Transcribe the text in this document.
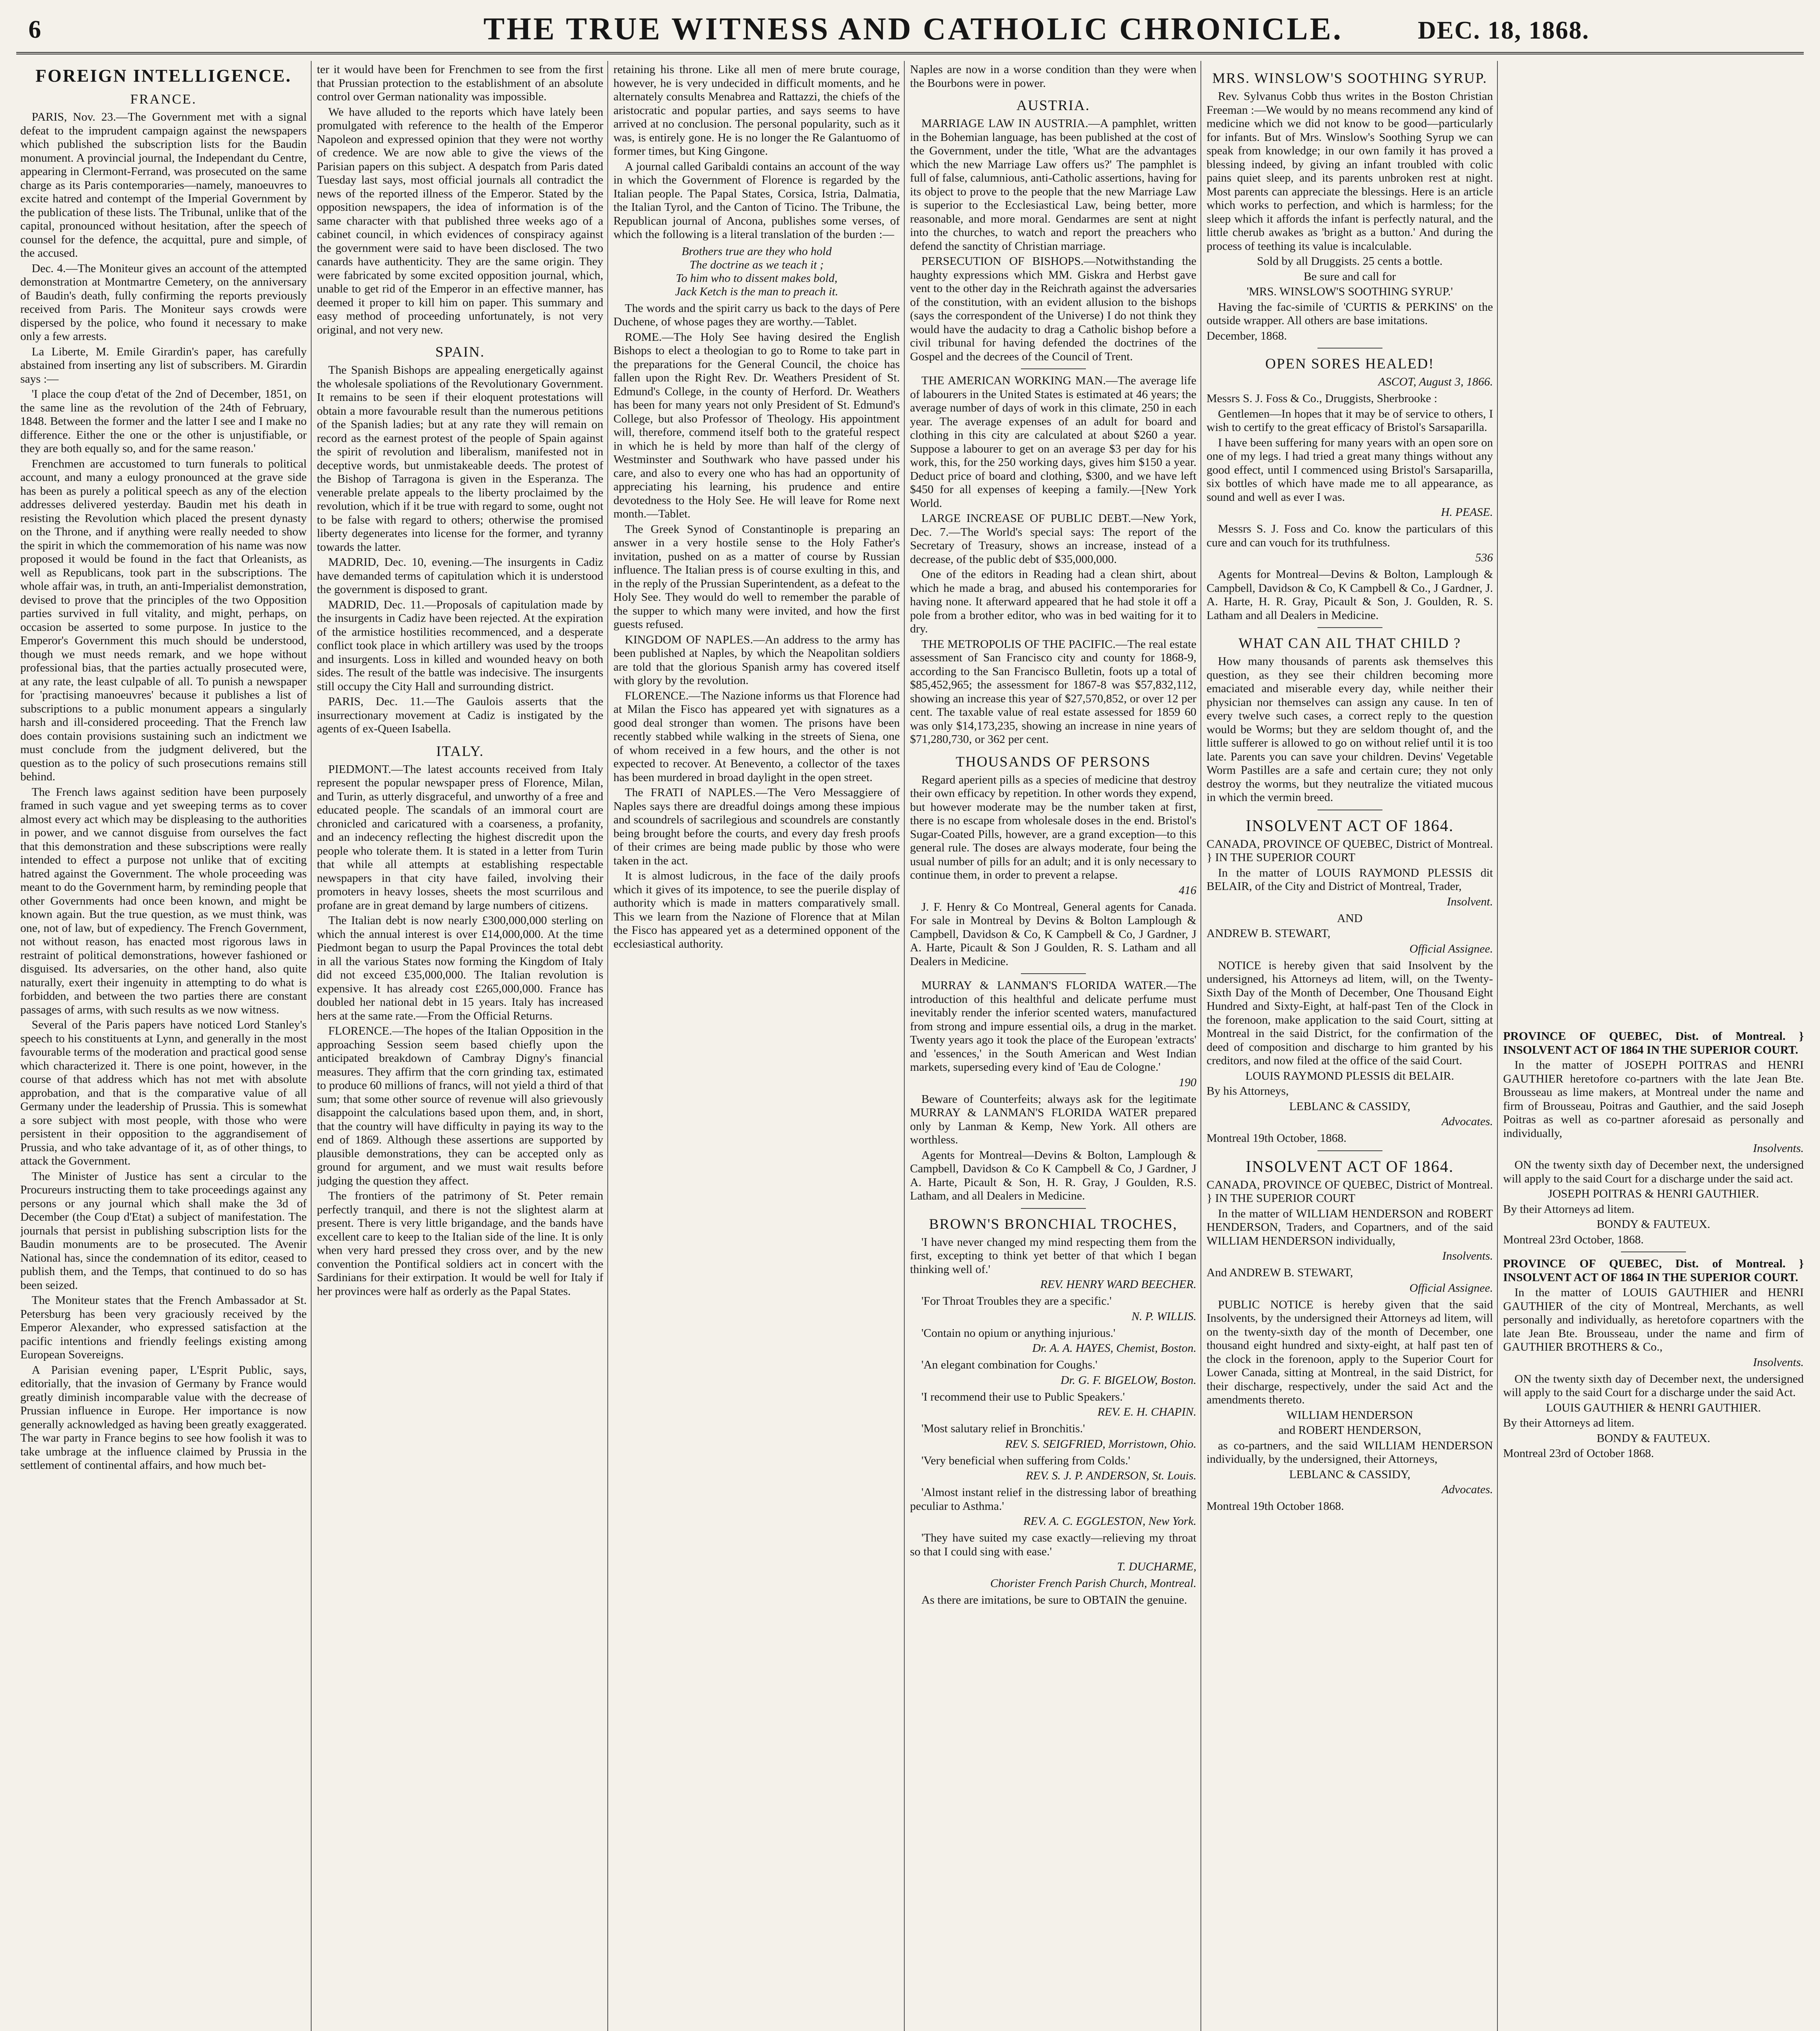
6	THE TRUE WITNESS AND CATHOLIC CHRONICLE.	DEC. 18, 1868.
FOREIGN INTELLIGENCE.
FRANCE.

PARIS, Nov. 23.—The Government met with a signal defeat to the imprudent campaign against the newspapers which published the subscription lists for the Baudin monument. A provincial journal, the Independant du Centre, appearing in Clermont-Ferrand, was prosecuted on the same charge as its Paris contemporaries—namely, manoeuvres to excite hatred and contempt of the Imperial Government by the publication of these lists. The Tribunal, unlike that of the capital, pronounced without hesitation, after the speech of counsel for the defence, the acquittal, pure and simple, of the accused.

Dec. 4.—The Moniteur gives an account of the attempted demonstration at Montmartre Cemetery, on the anniversary of Baudin's death, fully confirming the reports previously received from Paris. The Moniteur says crowds were dispersed by the police, who found it necessary to make only a few arrests.

La Liberte, M. Emile Girardin's paper, has carefully abstained from inserting any list of subscribers. M. Girardin says :—

'I place the coup d'etat of the 2nd of December, 1851, on the same line as the revolution of the 24th of February, 1848. Between the former and the latter I see and I make no difference. Either the one or the other is unjustifiable, or they are both equally so, and for the same reason.'

Frenchmen are accustomed to turn funerals to political account, and many a eulogy pronounced at the grave side has been as purely a political speech as any of the election addresses delivered yesterday. Baudin met his death in resisting the Revolution which placed the present dynasty on the Throne, and if anything were really needed to show the spirit in which the commemoration of his name was now proposed it would be found in the fact that Orleanists, as well as Republicans, took part in the subscriptions. The whole affair was, in truth, an anti-Imperialist demonstration, devised to prove that the principles of the two Opposition parties survived in full vitality, and might, perhaps, on occasion be asserted to some purpose. In justice to the Emperor's Government this much should be understood, though we must needs remark, and we hope without professional bias, that the parties actually prosecuted were, at any rate, the least culpable of all. To punish a newspaper for 'practising manoeuvres' because it publishes a list of subscriptions to a public monument appears a singularly harsh and ill-considered proceeding. That the French law does contain provisions sustaining such an indictment we must conclude from the judgment delivered, but the question as to the policy of such prosecutions remains still behind.

The French laws against sedition have been purposely framed in such vague and yet sweeping terms as to cover almost every act which may be displeasing to the authorities in power, and we cannot disguise from ourselves the fact that this demonstration and these subscriptions were really intended to effect a purpose not unlike that of exciting hatred against the Government. The whole proceeding was meant to do the Government harm, by reminding people that other Governments had once been known, and might be known again. But the true question, as we must think, was one, not of law, but of expediency. The French Government, not without reason, has enacted most rigorous laws in restraint of political demonstrations, however fashioned or disguised. Its adversaries, on the other hand, also quite naturally, exert their ingenuity in attempting to do what is forbidden, and between the two parties there are constant passages of arms, with such results as we now witness.

Several of the Paris papers have noticed Lord Stanley's speech to his constituents at Lynn, and generally in the most favourable terms of the moderation and practical good sense which characterized it. There is one point, however, in the course of that address which has not met with absolute approbation, and that is the comparative value of all Germany under the leadership of Prussia. This is somewhat a sore subject with most people, with those who were persistent in their opposition to the aggrandisement of Prussia, and who take advantage of it, as of other things, to attack the Government.

The Minister of Justice has sent a circular to the Procureurs instructing them to take proceedings against any persons or any journal which shall make the 3d of December (the Coup d'Etat) a subject of manifestation. The journals that persist in publishing subscription lists for the Baudin monuments are to be prosecuted. The Avenir National has, since the condemnation of its editor, ceased to publish them, and the Temps, that continued to do so has been seized.

The Moniteur states that the French Ambassador at St. Petersburg has been very graciously received by the Emperor Alexander, who expressed satisfaction at the pacific intentions and friendly feelings existing among European Sovereigns.

A Parisian evening paper, L'Esprit Public, says, editorially, that the invasion of Germany by France would greatly diminish incomparable value with the decrease of Prussian influence in Europe. Her importance is now generally acknowledged as having been greatly exaggerated. The war party in France begins to see how foolish it was to take umbrage at the influence claimed by Prussia in the settlement of continental affairs, and how much bet-

ter it would have been for Frenchmen to see from the first that Prussian protection to the establishment of an absolute control over German nationality was impossible.

We have alluded to the reports which have lately been promulgated with reference to the health of the Emperor Napoleon and expressed opinion that they were not worthy of credence. We are now able to give the views of the Parisian papers on this subject. A despatch from Paris dated Tuesday last says, most official journals all contradict the news of the reported illness of the Emperor. Stated by the opposition newspapers, the idea of information is of the same character with that published three weeks ago of a cabinet council, in which evidences of conspiracy against the government were said to have been disclosed. The two canards have authenticity. They are the same origin. They were fabricated by some excited opposition journal, which, unable to get rid of the Emperor in an effective manner, has deemed it proper to kill him on paper. This summary and easy method of proceeding unfortunately, is not very original, and not very new.

SPAIN.

The Spanish Bishops are appealing energetically against the wholesale spoliations of the Revolutionary Government. It remains to be seen if their eloquent protestations will obtain a more favourable result than the numerous petitions of the Spanish ladies; but at any rate they will remain on record as the earnest protest of the people of Spain against the spirit of revolution and liberalism, manifested not in deceptive words, but unmistakeable deeds. The protest of the Bishop of Tarragona is given in the Esperanza. The venerable prelate appeals to the liberty proclaimed by the revolution, which if it be true with regard to some, ought not to be false with regard to others; otherwise the promised liberty degenerates into license for the former, and tyranny towards the latter.

MADRID, Dec. 10, evening.—The insurgents in Cadiz have demanded terms of capitulation which it is understood the government is disposed to grant.

MADRID, Dec. 11.—Proposals of capitulation made by the insurgents in Cadiz have been rejected. At the expiration of the armistice hostilities recommenced, and a desperate conflict took place in which artillery was used by the troops and insurgents. Loss in killed and wounded heavy on both sides. The result of the battle was indecisive. The insurgents still occupy the City Hall and surrounding district.

PARIS, Dec. 11.—The Gaulois asserts that the insurrectionary movement at Cadiz is instigated by the agents of ex-Queen Isabella.

ITALY.

PIEDMONT.—The latest accounts received from Italy represent the popular newspaper press of Florence, Milan, and Turin, as utterly disgraceful, and unworthy of a free and educated people. The scandals of an immoral court are chronicled and caricatured with a coarseness, a profanity, and an indecency reflecting the highest discredit upon the people who tolerate them. It is stated in a letter from Turin that while all attempts at establishing respectable newspapers in that city have failed, involving their promoters in heavy losses, sheets the most scurrilous and profane are in great demand by large numbers of citizens.

The Italian debt is now nearly £300,000,000 sterling on which the annual interest is over £14,000,000. At the time Piedmont began to usurp the Papal Provinces the total debt in all the various States now forming the Kingdom of Italy did not exceed £35,000,000. The Italian revolution is expensive. It has already cost £265,000,000. France has doubled her national debt in 15 years. Italy has increased hers at the same rate.—From the Official Returns.

FLORENCE.—The hopes of the Italian Opposition in the approaching Session seem based chiefly upon the anticipated breakdown of Cambray Digny's financial measures. They affirm that the corn grinding tax, estimated to produce 60 millions of francs, will not yield a third of that sum; that some other source of revenue will also grievously disappoint the calculations based upon them, and, in short, that the country will have difficulty in paying its way to the end of 1869. Although these assertions are supported by plausible demonstrations, they can be accepted only as ground for argument, and we must wait results before judging the question they affect.

The frontiers of the patrimony of St. Peter remain perfectly tranquil, and there is not the slightest alarm at present. There is very little brigandage, and the bands have excellent care to keep to the Italian side of the line. It is only when very hard pressed they cross over, and by the new convention the Pontifical soldiers act in concert with the Sardinians for their extirpation. It would be well for Italy if her provinces were half as orderly as the Papal States.

retaining his throne. Like all men of mere brute courage, however, he is very undecided in difficult moments, and he alternately consults Menabrea and Rattazzi, the chiefs of the aristocratic and popular parties, and says seems to have arrived at no conclusion. The personal popularity, such as it was, is entirely gone. He is no longer the Re Galantuomo of former times, but King Gingone.

A journal called Garibaldi contains an account of the way in which the Government of Florence is regarded by the Italian people. The Papal States, Corsica, Istria, Dalmatia, the Italian Tyrol, and the Canton of Ticino. The Tribune, the Republican journal of Ancona, publishes some verses, of which the following is a literal translation of the burden :—

Brothers true are they who hold
The doctrine as we teach it ;
To him who to dissent makes bold,
Jack Ketch is the man to preach it.

The words and the spirit carry us back to the days of Pere Duchene, of whose pages they are worthy.—Tablet.

ROME.—The Holy See having desired the English Bishops to elect a theologian to go to Rome to take part in the preparations for the General Council, the choice has fallen upon the Right Rev. Dr. Weathers President of St. Edmund's College, in the county of Herford. Dr. Weathers has been for many years not only President of St. Edmund's College, but also Professor of Theology. His appointment will, therefore, commend itself both to the grateful respect in which he is held by more than half of the clergy of Westminster and Southwark who have passed under his care, and also to every one who has had an opportunity of appreciating his learning, his prudence and entire devotedness to the Holy See. He will leave for Rome next month.—Tablet.

The Greek Synod of Constantinople is preparing an answer in a very hostile sense to the Holy Father's invitation, pushed on as a matter of course by Russian influence. The Italian press is of course exulting in this, and in the reply of the Prussian Superintendent, as a defeat to the Holy See. They would do well to remember the parable of the supper to which many were invited, and how the first guests refused.

KINGDOM OF NAPLES.—An address to the army has been published at Naples, by which the Neapolitan soldiers are told that the glorious Spanish army has covered itself with glory by the revolution.

FLORENCE.—The Nazione informs us that Florence had at Milan the Fisco has appeared yet with signatures as a good deal stronger than women. The prisons have been recently stabbed while walking in the streets of Siena, one of whom received in a few hours, and the other is not expected to recover. At Benevento, a collector of the taxes has been murdered in broad daylight in the open street.

The FRATI of NAPLES.—The Vero Messaggiere of Naples says there are dreadful doings among these impious and scoundrels of sacrilegious and scoundrels are constantly being brought before the courts, and every day fresh proofs of their crimes are being made public by those who were taken in the act.

It is almost ludicrous, in the face of the daily proofs which it gives of its impotence, to see the puerile display of authority which is made in matters comparatively small. This we learn from the Nazione of Florence that at Milan the Fisco has appeared yet as a determined opponent of the ecclesiastical authority.

Naples are now in a worse condition than they were when the Bourbons were in power.

AUSTRIA.

MARRIAGE LAW IN AUSTRIA.—A pamphlet, written in the Bohemian language, has been published at the cost of the Government, under the title, 'What are the advantages which the new Marriage Law offers us?' The pamphlet is full of false, calumnious, anti-Catholic assertions, having for its object to prove to the people that the new Marriage Law is superior to the Ecclesiastical Law, being better, more reasonable, and more moral. Gendarmes are sent at night into the churches, to watch and report the preachers who defend the sanctity of Christian marriage.

PERSECUTION OF BISHOPS.—Notwithstanding the haughty expressions which MM. Giskra and Herbst gave vent to the other day in the Reichrath against the adversaries of the constitution, with an evident allusion to the bishops (says the correspondent of the Universe) I do not think they would have the audacity to drag a Catholic bishop before a civil tribunal for having defended the doctrines of the Gospel and the decrees of the Council of Trent.

THE AMERICAN WORKING MAN.—The average life of labourers in the United States is estimated at 46 years; the average number of days of work in this climate, 250 in each year. The average expenses of an adult for board and clothing in this city are calculated at about $260 a year. Suppose a labourer to get on an average $3 per day for his work, this, for the 250 working days, gives him $150 a year. Deduct price of board and clothing, $300, and we have left $450 for all expenses of keeping a family.—[New York World.

LARGE INCREASE OF PUBLIC DEBT.—New York, Dec. 7.—The World's special says: The report of the Secretary of Treasury, shows an increase, instead of a decrease, of the public debt of $35,000,000.

One of the editors in Reading had a clean shirt, about which he made a brag, and abused his contemporaries for having none. It afterward appeared that he had stole it off a pole from a brother editor, who was in bed waiting for it to dry.

THE METROPOLIS OF THE PACIFIC.—The real estate assessment of San Francisco city and county for 1868-9, according to the San Francisco Bulletin, foots up a total of $85,452,965; the assessment for 1867-8 was $57,832,112, showing an increase this year of $27,570,852, or over 12 per cent. The taxable value of real estate assessed for 1859 60 was only $14,173,235, showing an increase in nine years of $71,280,730, or 362 per cent.

THOUSANDS OF PERSONS

Regard aperient pills as a species of medicine that destroy their own efficacy by repetition. In other words they expend, but however moderate may be the number taken at first, there is no escape from wholesale doses in the end. Bristol's Sugar-Coated Pills, however, are a grand exception—to this general rule. The doses are always moderate, four being the usual number of pills for an adult; and it is only necessary to continue them, in order to prevent a relapse.

416

J. F. Henry & Co Montreal, General agents for Canada. For sale in Montreal by Devins & Bolton Lamplough & Campbell, Davidson & Co, K Campbell & Co, J Gardner, J A. Harte, Picault & Son J Goulden, R. S. Latham and all Dealers in Medicine.

MURRAY & LANMAN'S FLORIDA WATER.—The introduction of this healthful and delicate perfume must inevitably render the inferior scented waters, manufactured from strong and impure essential oils, a drug in the market. Twenty years ago it took the place of the European 'extracts' and 'essences,' in the South American and West Indian markets, superseding every kind of 'Eau de Cologne.'

190

Beware of Counterfeits; always ask for the legitimate MURRAY & LANMAN'S FLORIDA WATER prepared only by Lanman & Kemp, New York. All others are worthless.

Agents for Montreal—Devins & Bolton, Lamplough & Campbell, Davidson & Co K Campbell & Co, J Gardner, J A. Harte, Picault & Son, H. R. Gray, J Goulden, R.S. Latham, and all Dealers in Medicine.

BROWN'S BRONCHIAL TROCHES,

'I have never changed my mind respecting them from the first, excepting to think yet better of that which I began thinking well of.'

REV. HENRY WARD BEECHER.

'For Throat Troubles they are a specific.'

N. P. WILLIS.

'Contain no opium or anything injurious.'

Dr. A. A. HAYES, Chemist, Boston.

'An elegant combination for Coughs.'

Dr. G. F. BIGELOW, Boston.

'I recommend their use to Public Speakers.'

REV. E. H. CHAPIN.

'Most salutary relief in Bronchitis.'

REV. S. SEIGFRIED, Morristown, Ohio.

'Very beneficial when suffering from Colds.'

REV. S. J. P. ANDERSON, St. Louis.

'Almost instant relief in the distressing labor of breathing peculiar to Asthma.'

REV. A. C. EGGLESTON, New York.

'They have suited my case exactly—relieving my throat so that I could sing with ease.'

T. DUCHARME,
Chorister French Parish Church, Montreal.

As there are imitations, be sure to OBTAIN the genuine.

MRS. WINSLOW'S SOOTHING SYRUP.

Rev. Sylvanus Cobb thus writes in the Boston Christian Freeman :—We would by no means recommend any kind of medicine which we did not know to be good—particularly for infants. But of Mrs. Winslow's Soothing Syrup we can speak from knowledge; in our own family it has proved a blessing indeed, by giving an infant troubled with colic pains quiet sleep, and its parents unbroken rest at night. Most parents can appreciate the blessings. Here is an article which works to perfection, and which is harmless; for the sleep which it affords the infant is perfectly natural, and the little cherub awakes as 'bright as a button.' And during the process of teething its value is incalculable.

Sold by all Druggists. 25 cents a bottle.

Be sure and call for

'MRS. WINSLOW'S SOOTHING SYRUP.'

Having the fac-simile of 'CURTIS & PERKINS' on the outside wrapper. All others are base imitations.

December, 1868.

OPEN SORES HEALED!
ASCOT, August 3, 1866.

Messrs S. J. Foss & Co., Druggists, Sherbrooke :

Gentlemen—In hopes that it may be of service to others, I wish to certify to the great efficacy of Bristol's Sarsaparilla.

I have been suffering for many years with an open sore on one of my legs. I had tried a great many things without any good effect, until I commenced using Bristol's Sarsaparilla, six bottles of which have made me to all appearance, as sound and well as ever I was.

H. PEASE.

Messrs S. J. Foss and Co. know the particulars of this cure and can vouch for its truthfulness.

536

Agents for Montreal—Devins & Bolton, Lamplough & Campbell, Davidson & Co, K Campbell & Co., J Gardner, J. A. Harte, H. R. Gray, Picault & Son, J. Goulden, R. S. Latham and all Dealers in Medicine.

WHAT CAN AIL THAT CHILD ?

How many thousands of parents ask themselves this question, as they see their children becoming more emaciated and miserable every day, while neither their physician nor themselves can assign any cause. In ten of every twelve such cases, a correct reply to the question would be Worms; but they are seldom thought of, and the little sufferer is allowed to go on without relief until it is too late. Parents you can save your children. Devins' Vegetable Worm Pastilles are a safe and certain cure; they not only destroy the worms, but they neutralize the vitiated mucous in which the vermin breed.

INSOLVENT ACT OF 1864.

CANADA, PROVINCE OF QUEBEC, District of Montreal. } IN THE SUPERIOR COURT

In the matter of LOUIS RAYMOND PLESSIS dit BELAIR, of the City and District of Montreal, Trader,

Insolvent.

AND

ANDREW B. STEWART,

Official Assignee.

NOTICE is hereby given that said Insolvent by the undersigned, his Attorneys ad litem, will, on the Twenty-Sixth Day of the Month of December, One Thousand Eight Hundred and Sixty-Eight, at half-past Ten of the Clock in the forenoon, make application to the said Court, sitting at Montreal in the said District, for the confirmation of the deed of composition and discharge to him granted by his creditors, and now filed at the office of the said Court.

LOUIS RAYMOND PLESSIS dit BELAIR.

By his Attorneys,

LEBLANC & CASSIDY,

Advocates.

Montreal 19th October, 1868.

INSOLVENT ACT OF 1864.

CANADA, PROVINCE OF QUEBEC, District of Montreal. } IN THE SUPERIOR COURT

In the matter of WILLIAM HENDERSON and ROBERT HENDERSON, Traders, and Copartners, and of the said WILLIAM HENDERSON individually,

Insolvents.

And ANDREW B. STEWART,

Official Assignee.

PUBLIC NOTICE is hereby given that the said Insolvents, by the undersigned their Attorneys ad litem, will on the twenty-sixth day of the month of December, one thousand eight hundred and sixty-eight, at half past ten of the clock in the forenoon, apply to the Superior Court for Lower Canada, sitting at Montreal, in the said District, for their discharge, respectively, under the said Act and the amendments thereto.

WILLIAM HENDERSON

and ROBERT HENDERSON,

as co-partners, and the said WILLIAM HENDERSON individually, by the undersigned, their Attorneys,

LEBLANC & CASSIDY,

Advocates.

Montreal 19th October 1868.

PROVINCE OF QUEBEC, Dist. of Montreal. } INSOLVENT ACT OF 1864 IN THE SUPERIOR COURT.

In the matter of JOSEPH POITRAS and HENRI GAUTHIER heretofore co-partners with the late Jean Bte. Brousseau as lime makers, at Montreal under the name and firm of Brousseau, Poitras and Gauthier, and the said Joseph Poitras as well as co-partner aforesaid as personally and individually,

Insolvents.

ON the twenty sixth day of December next, the undersigned will apply to the said Court for a discharge under the said act.

JOSEPH POITRAS & HENRI GAUTHIER.

By their Attorneys ad litem.

BONDY & FAUTEUX.

Montreal 23rd October, 1868.

PROVINCE OF QUEBEC, Dist. of Montreal. } INSOLVENT ACT OF 1864 IN THE SUPERIOR COURT.

In the matter of LOUIS GAUTHIER and HENRI GAUTHIER of the city of Montreal, Merchants, as well personally and individually, as heretofore copartners with the late Jean Bte. Brousseau, under the name and firm of GAUTHIER BROTHERS & Co.,

Insolvents.

ON the twenty sixth day of December next, the undersigned will apply to the said Court for a discharge under the said Act.

LOUIS GAUTHIER & HENRI GAUTHIER.

By their Attorneys ad litem.

BONDY & FAUTEUX.

Montreal 23rd of October 1868.
